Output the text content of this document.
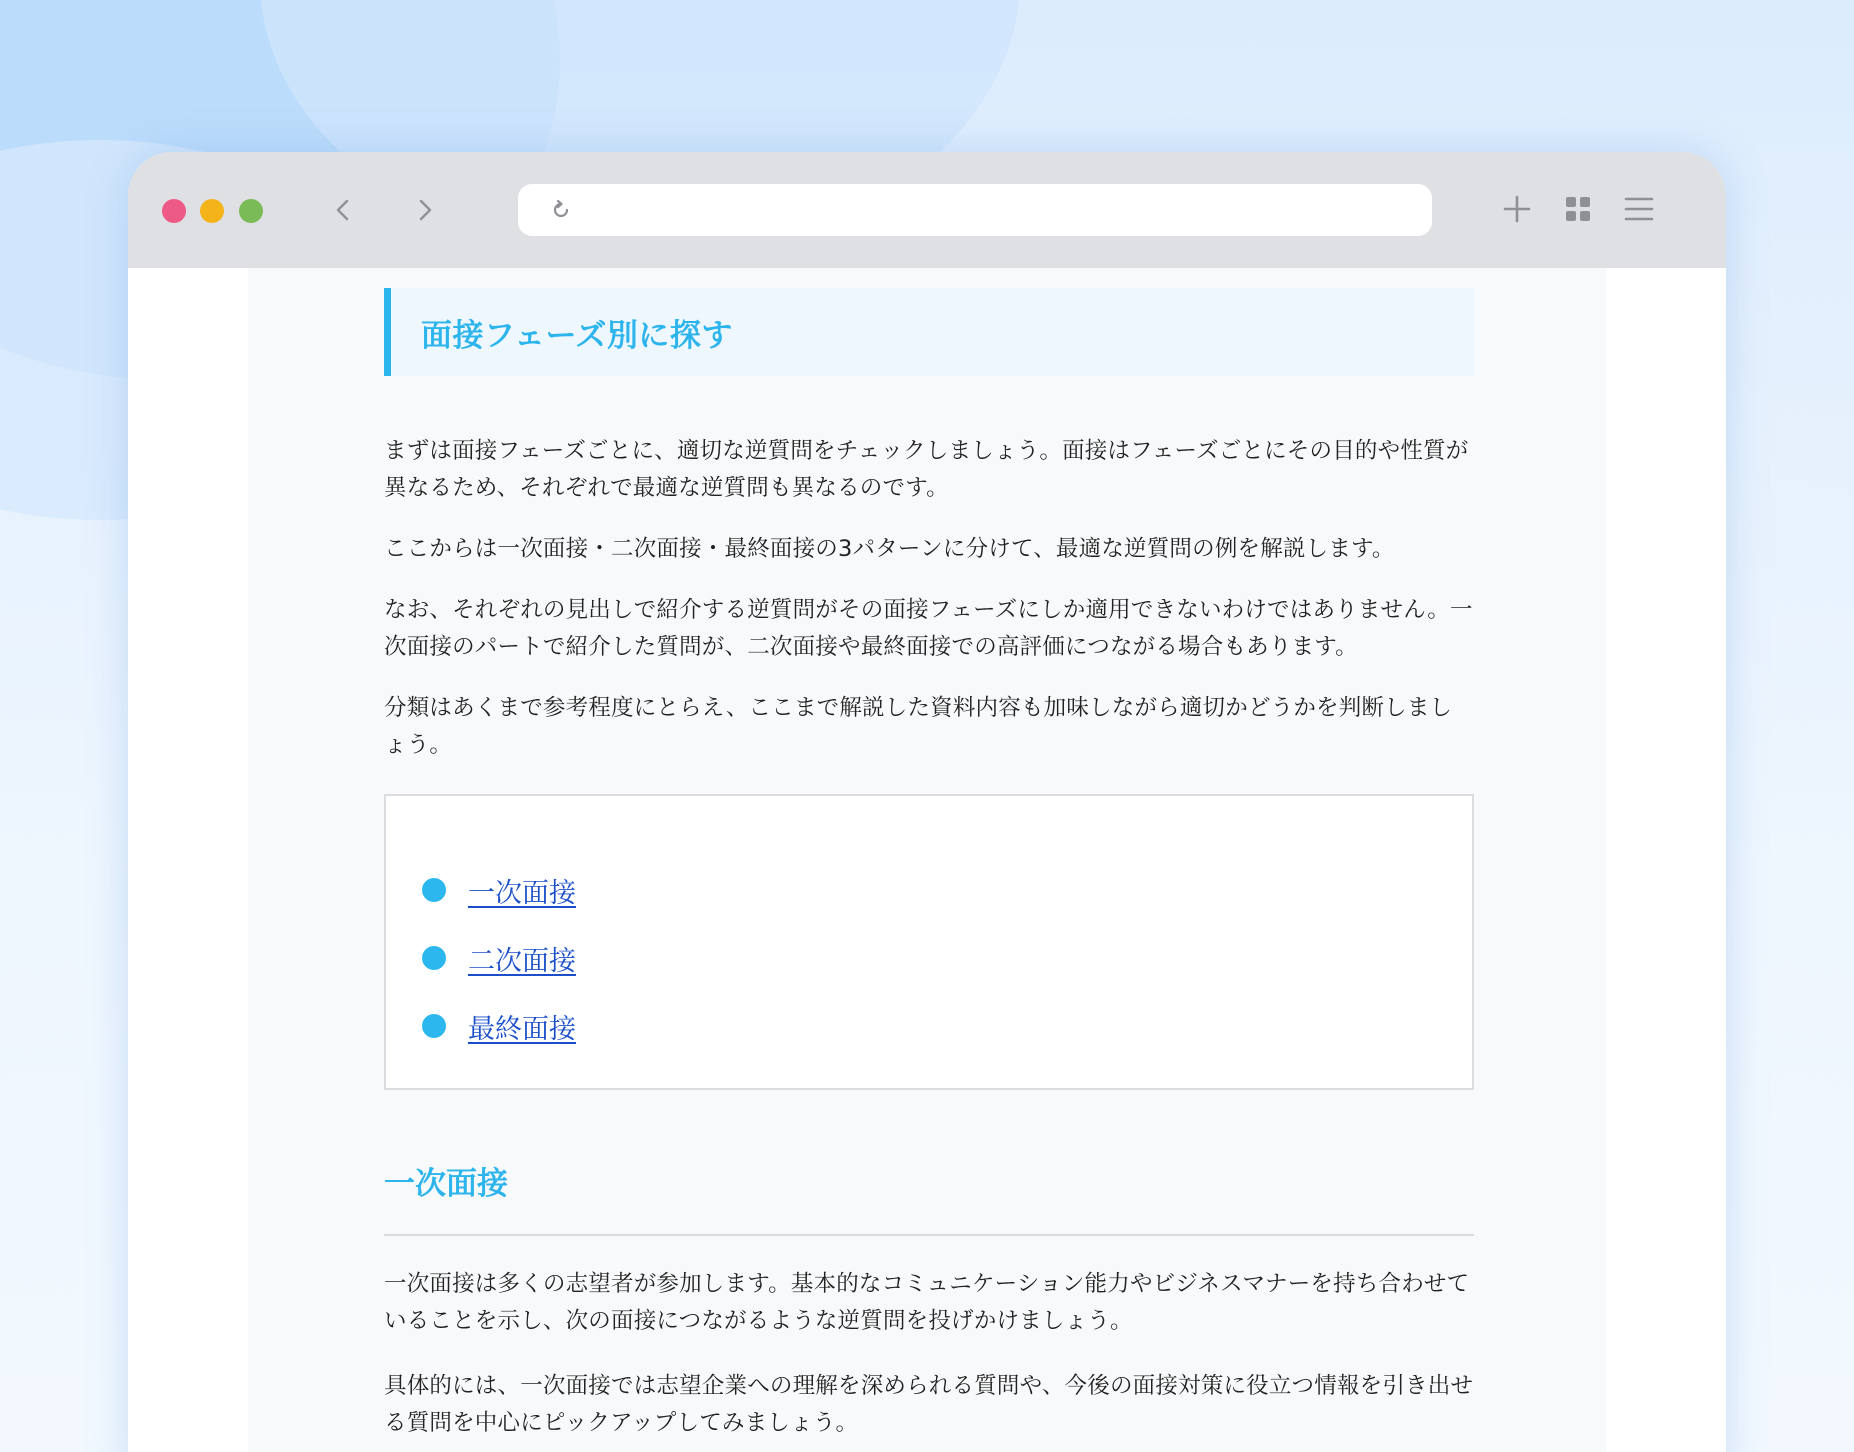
面接フェーズ別に探す

まずは面接フェーズごとに、適切な逆質問をチェックしましょう。面接はフェーズごとにその目的や性質が異なるため、それぞれで最適な逆質問も異なるのです。

ここからは一次面接・二次面接・最終面接の3パターンに分けて、最適な逆質問の例を解説します。

なお、それぞれの見出しで紹介する逆質問がその面接フェーズにしか適用できないわけではありません。一次面接のパートで紹介した質問が、二次面接や最終面接での高評価につながる場合もあります。

分類はあくまで参考程度にとらえ、ここまで解説した資料内容も加味しながら適切かどうかを判断しましょう。

一次面接
二次面接
最終面接
一次面接

一次面接は多くの志望者が参加します。基本的なコミュニケーション能力やビジネスマナーを持ち合わせていることを示し、次の面接につながるような逆質問を投げかけましょう。

具体的には、一次面接では志望企業への理解を深められる質問や、今後の面接対策に役立つ情報を引き出せる質問を中心にピックアップしてみましょう。
